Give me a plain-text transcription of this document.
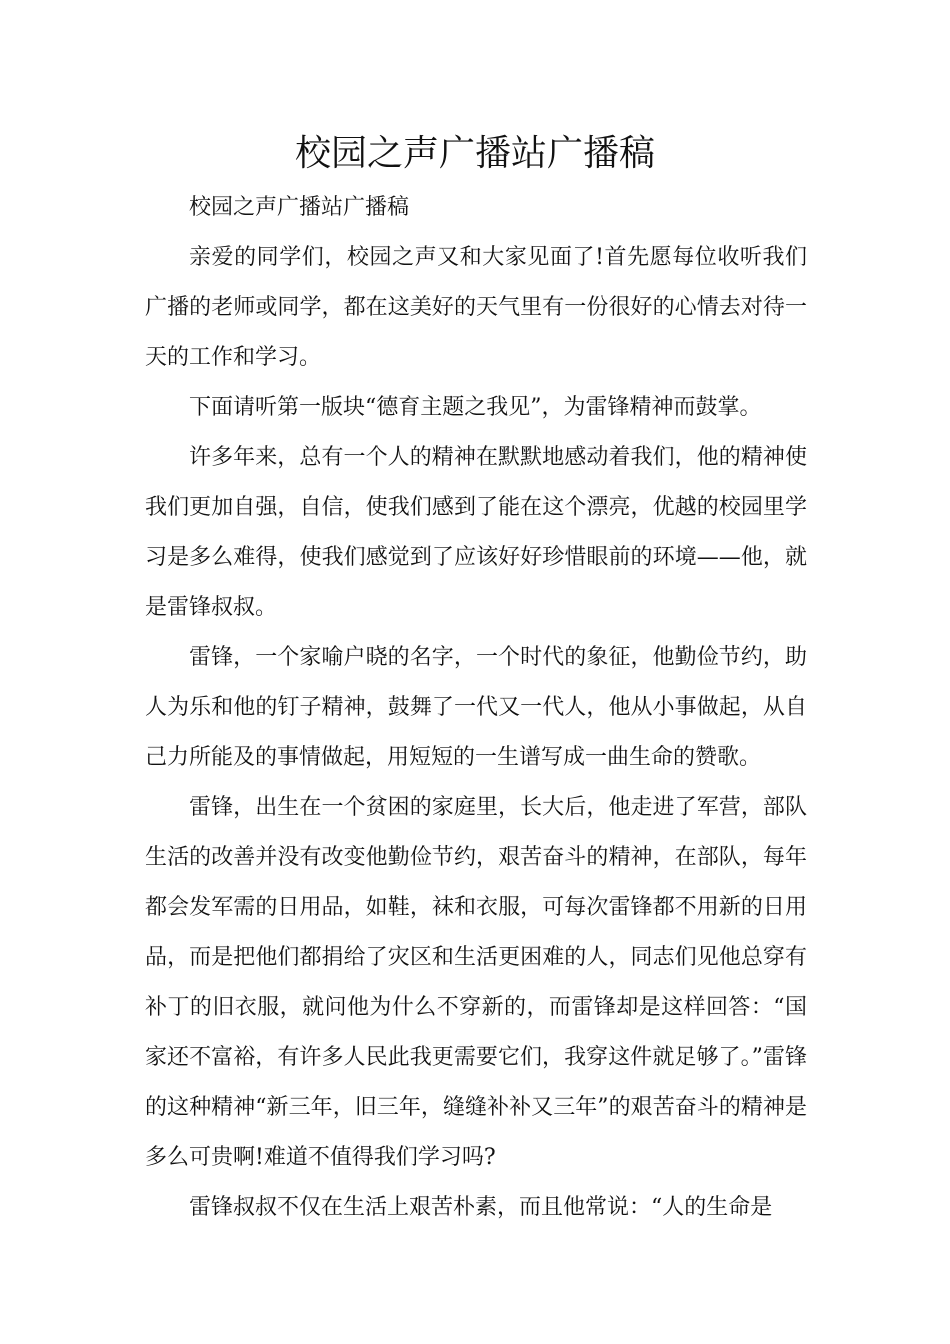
校园之声广播站广播稿

校园之声广播站广播稿

亲爱的同学们，校园之声又和大家见面了!首先愿每位收听我们广播的老师或同学，都在这美好的天气里有一份很好的心情去对待一天的工作和学习。

下面请听第一版块“德育主题之我见”，为雷锋精神而鼓掌。

许多年来，总有一个人的精神在默默地感动着我们，他的精神使我们更加自强，自信，使我们感到了能在这个漂亮，优越的校园里学习是多么难得，使我们感觉到了应该好好珍惜眼前的环境——他，就是雷锋叔叔。

雷锋，一个家喻户晓的名字，一个时代的象征，他勤俭节约，助人为乐和他的钉子精神，鼓舞了一代又一代人，他从小事做起，从自己力所能及的事情做起，用短短的一生谱写成一曲生命的赞歌。

雷锋，出生在一个贫困的家庭里，长大后，他走进了军营，部队生活的改善并没有改变他勤俭节约，艰苦奋斗的精神，在部队，每年都会发军需的日用品，如鞋，袜和衣服，可每次雷锋都不用新的日用品，而是把他们都捐给了灾区和生活更困难的人，同志们见他总穿有补丁的旧衣服，就问他为什么不穿新的，而雷锋却是这样回答：“国家还不富裕，有许多人民此我更需要它们，我穿这件就足够了。”雷锋的这种精神“新三年，旧三年，缝缝补补又三年”的艰苦奋斗的精神是多么可贵啊!难道不值得我们学习吗?

雷锋叔叔不仅在生活上艰苦朴素，而且他常说：“人的生命是
